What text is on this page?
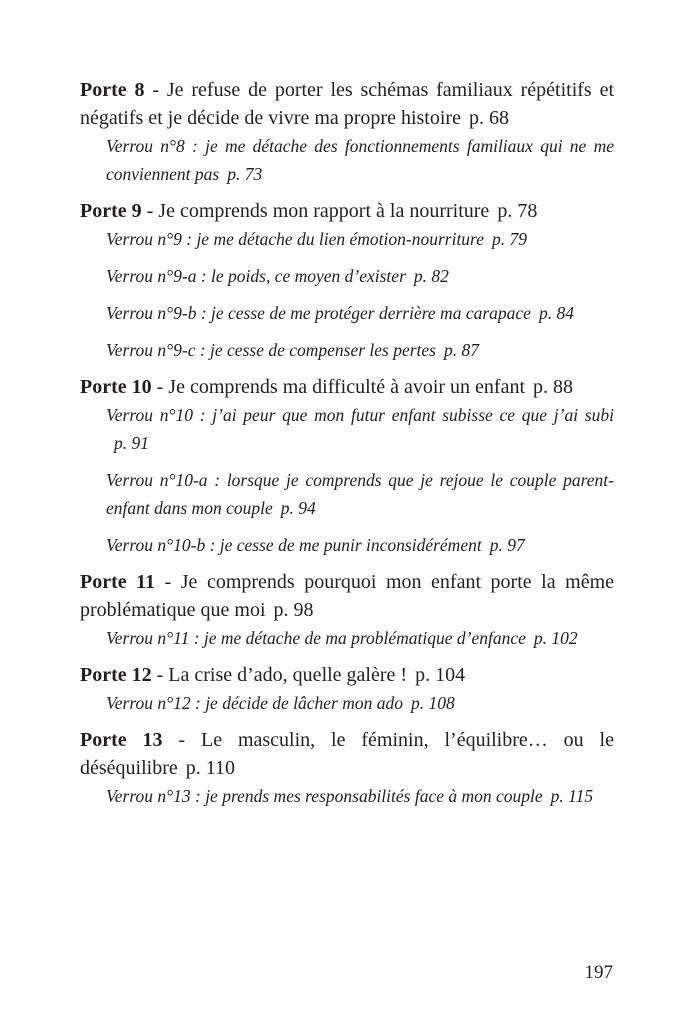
Porte 8 - Je refuse de porter les schémas familiaux répétitifs et négatifs et je décide de vivre ma propre histoire p. 68

Verrou n°8 : je me détache des fonctionnements familiaux qui ne me conviennent pas p. 73

Porte 9 - Je comprends mon rapport à la nourriture p. 78

Verrou n°9 : je me détache du lien émotion-nourriture p. 79

Verrou n°9-a : le poids, ce moyen d’exister p. 82

Verrou n°9-b : je cesse de me protéger derrière ma carapace p. 84

Verrou n°9-c : je cesse de compenser les pertes p. 87

Porte 10 - Je comprends ma difficulté à avoir un enfant p. 88

Verrou n°10 : j’ai peur que mon futur enfant subisse ce que j’ai subip. 91

Verrou n°10-a : lorsque je comprends que je rejoue le couple parent-enfant dans mon couple p. 94

Verrou n°10-b : je cesse de me punir inconsidérément p. 97

Porte 11 - Je comprends pourquoi mon enfant porte la même problématique que moi p. 98

Verrou n°11 : je me détache de ma problématique d’enfance p. 102

Porte 12 - La crise d’ado, quelle galère ! p. 104

Verrou n°12 : je décide de lâcher mon ado p. 108

Porte 13 - Le masculin, le féminin, l’équilibre… ou le déséquilibre p. 110

Verrou n°13 : je prends mes responsabilités face à mon couple p. 115

197
